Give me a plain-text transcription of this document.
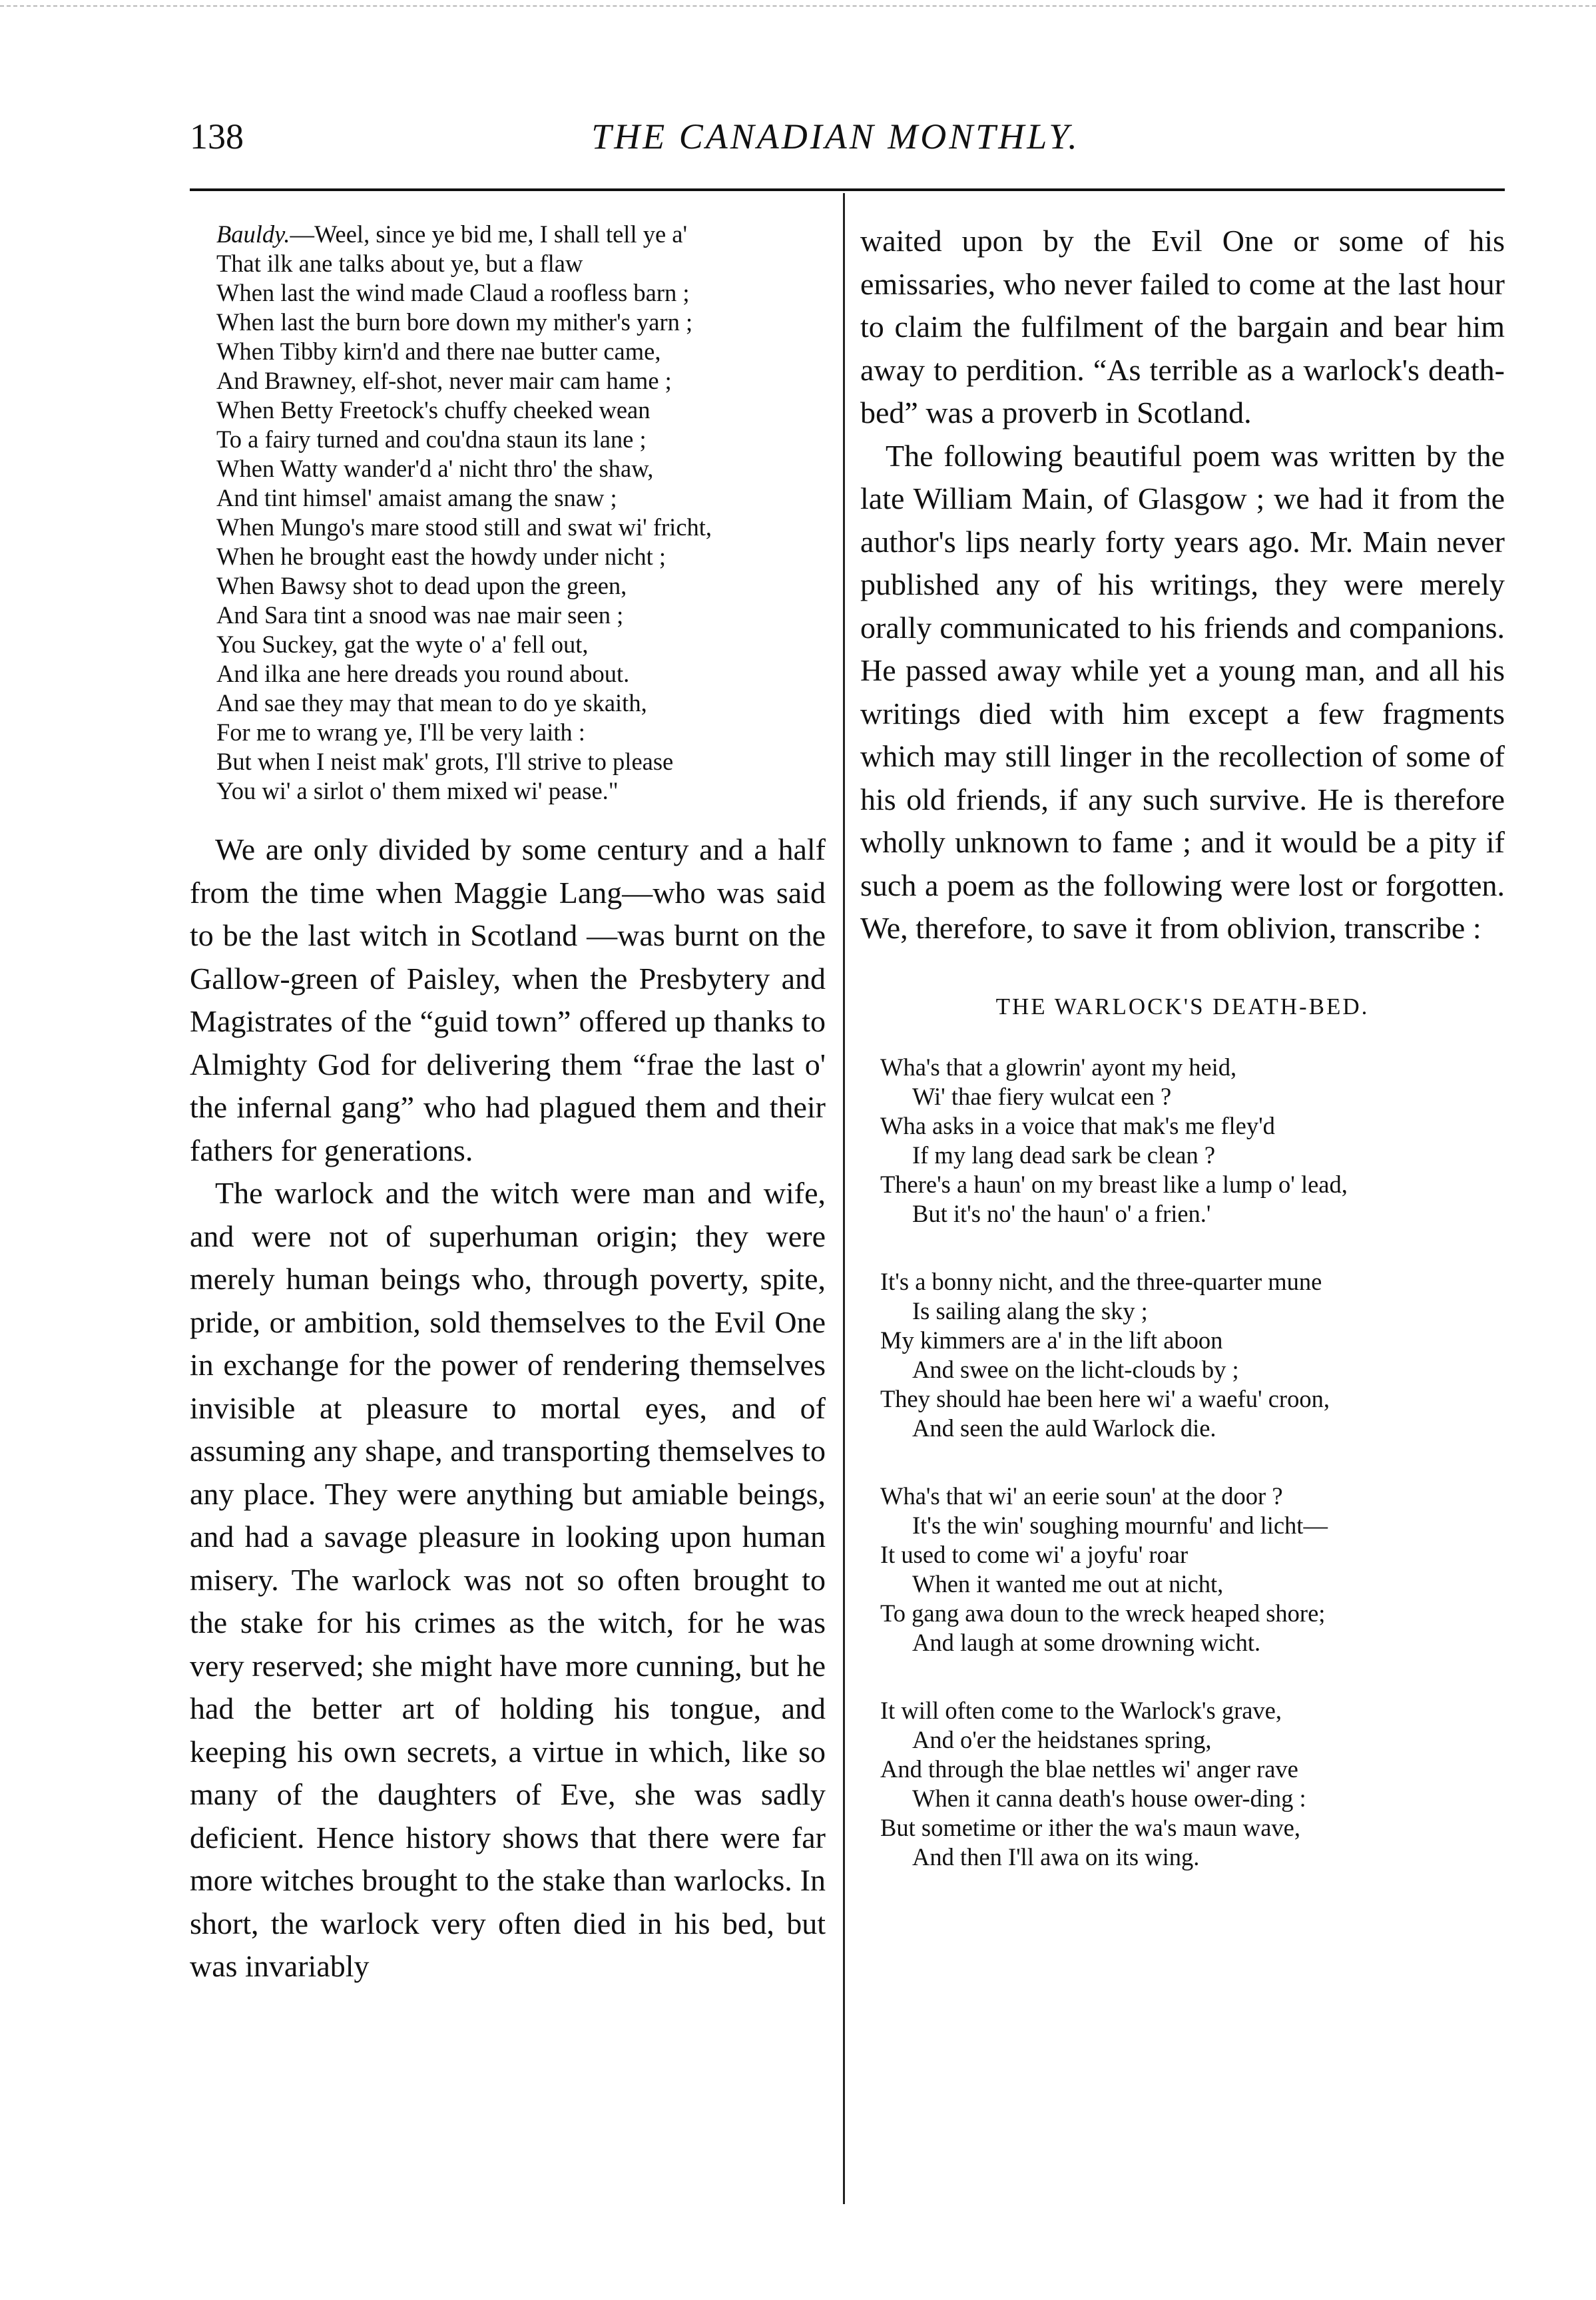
138	THE CANADIAN MONTHLY.
Bauldy.—Weel, since ye bid me, I shall tell ye a'
That ilk ane talks about ye, but a flaw
When last the wind made Claud a roofless barn ;
When last the burn bore down my mither's yarn ;
When Tibby kirn'd and there nae butter came,
And Brawney, elf-shot, never mair cam hame ;
When Betty Freetock's chuffy cheeked wean
To a fairy turned and cou'dna staun its lane ;
When Watty wander'd a' nicht thro' the shaw,
And tint himsel' amaist amang the snaw ;
When Mungo's mare stood still and swat wi' fricht,
When he brought east the howdy under nicht ;
When Bawsy shot to dead upon the green,
And Sara tint a snood was nae mair seen ;
You Suckey, gat the wyte o' a' fell out,
And ilka ane here dreads you round about.
And sae they may that mean to do ye skaith,
For me to wrang ye, I'll be very laith :
But when I neist mak' grots, I'll strive to please
You wi' a sirlot o' them mixed wi' pease."

We are only divided by some century and a half from the time when Maggie Lang—who was said to be the last witch in Scotland —was burnt on the Gallow-green of Paisley, when the Presbytery and Magistrates of the “guid town” offered up thanks to Almighty God for delivering them “frae the last o' the infernal gang” who had plagued them and their fathers for generations.

The warlock and the witch were man and wife, and were not of superhuman origin; they were merely human beings who, through poverty, spite, pride, or ambition, sold themselves to the Evil One in exchange for the power of rendering themselves invisible at pleasure to mortal eyes, and of assuming any shape, and transporting themselves to any place. They were anything but amiable beings, and had a savage pleasure in looking upon human misery. The warlock was not so often brought to the stake for his crimes as the witch, for he was very reserved; she might have more cunning, but he had the better art of holding his tongue, and keeping his own secrets, a virtue in which, like so many of the daughters of Eve, she was sadly deficient. Hence history shows that there were far more witches brought to the stake than warlocks. In short, the warlock very often died in his bed, but was invariably

waited upon by the Evil One or some of his emissaries, who never failed to come at the last hour to claim the fulfilment of the bargain and bear him away to perdition. “As terrible as a warlock's death-bed” was a proverb in Scotland.

The following beautiful poem was written by the late William Main, of Glasgow ; we had it from the author's lips nearly forty years ago. Mr. Main never published any of his writings, they were merely orally communicated to his friends and companions. He passed away while yet a young man, and all his writings died with him except a few fragments which may still linger in the recollection of some of his old friends, if any such survive. He is therefore wholly unknown to fame ; and it would be a pity if such a poem as the following were lost or forgotten. We, therefore, to save it from oblivion, transcribe :

THE WARLOCK'S DEATH-BED.
Wha's that a glowrin' ayont my heid,
Wi' thae fiery wulcat een ?
Wha asks in a voice that mak's me fley'd
If my lang dead sark be clean ?
There's a haun' on my breast like a lump o' lead,
But it's no' the haun' o' a frien.'
It's a bonny nicht, and the three-quarter mune
Is sailing alang the sky ;
My kimmers are a' in the lift aboon
And swee on the licht-clouds by ;
They should hae been here wi' a waefu' croon,
And seen the auld Warlock die.
Wha's that wi' an eerie soun' at the door ?
It's the win' soughing mournfu' and licht—
It used to come wi' a joyfu' roar
When it wanted me out at nicht,
To gang awa doun to the wreck heaped shore;
And laugh at some drowning wicht.
It will often come to the Warlock's grave,
And o'er the heidstanes spring,
And through the blae nettles wi' anger rave
When it canna death's house ower-ding :
But sometime or ither the wa's maun wave,
And then I'll awa on its wing.
